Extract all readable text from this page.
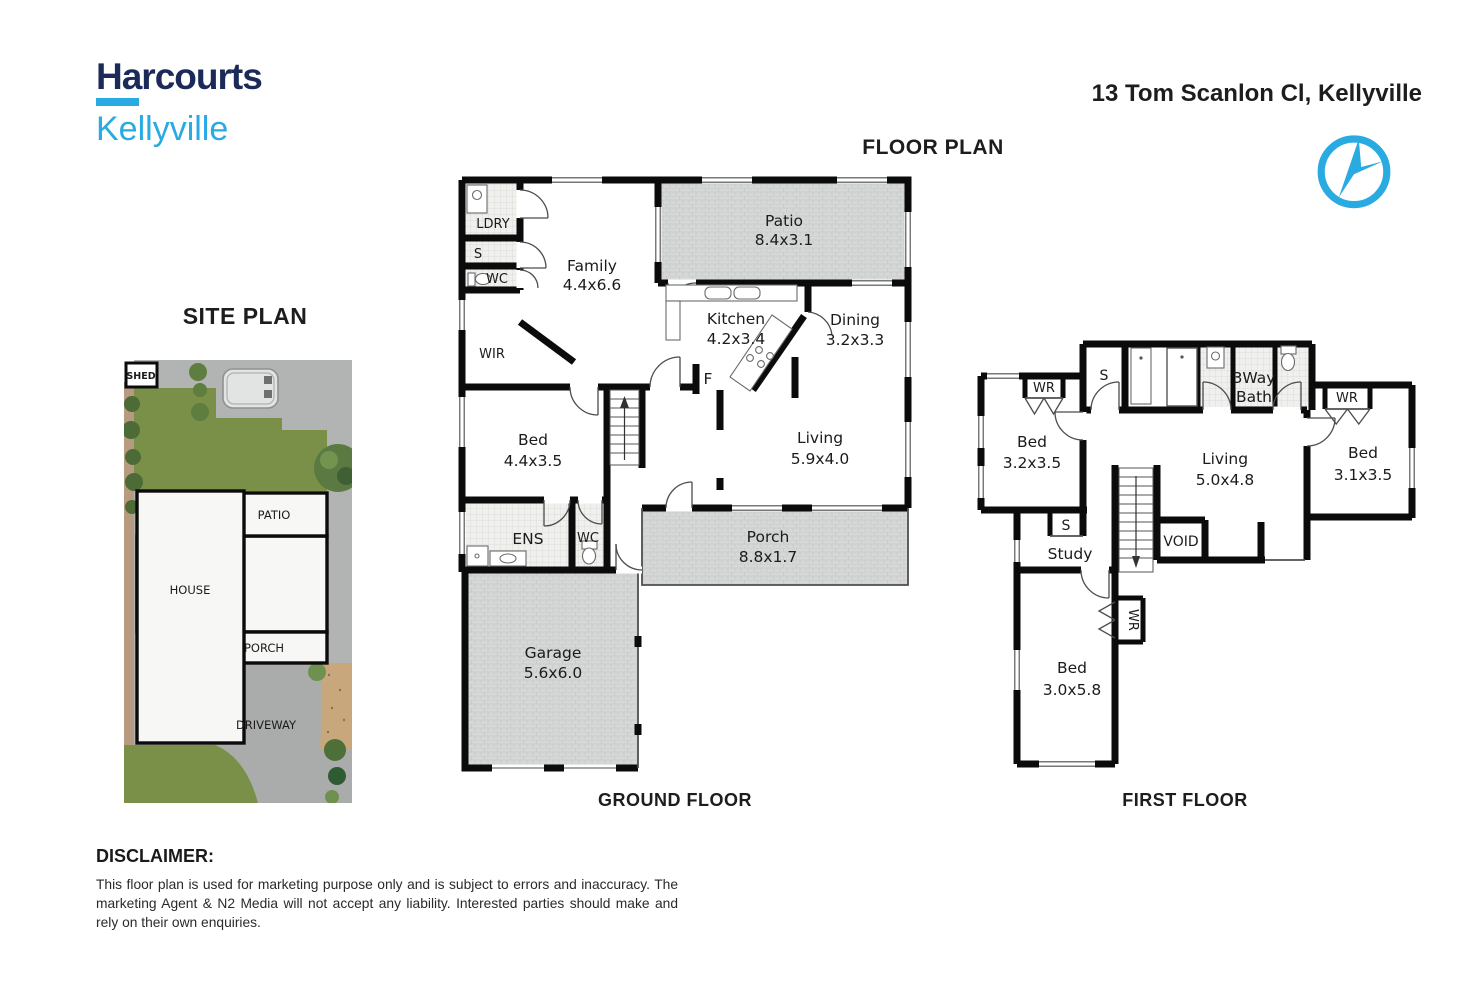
Harcourts
Kellyville
13 Tom Scanlon Cl, Kellyville
FLOOR PLAN
SITE PLAN
SHED
PATIO
HOUSE
PORCH
DRIVEWAY
LDRY
S
WC
WIR
Family
4.4x6.6
Patio
8.4x3.1
Kitchen
4.2x3.4
Dining
3.2x3.3
F
Bed
4.4x3.5
Living
5.9x4.0
ENS	WC	Porch
8.8x1.7
Garage
5.6x6.0
WR
S	3Way
Bath	WR
Bed
3.2x3.5	Living
5.0x4.8
Bed
3.1x3.5
S
Study
VOID
WR
Bed
3.0x5.8
GROUND FLOOR	FIRST FLOOR
DISCLAIMER:

This floor plan is used for marketing purpose only and is subject to errors and inaccuracy. The marketing Agent & N2 Media will not accept any liability. Interested parties should make and rely on their own enquiries.
